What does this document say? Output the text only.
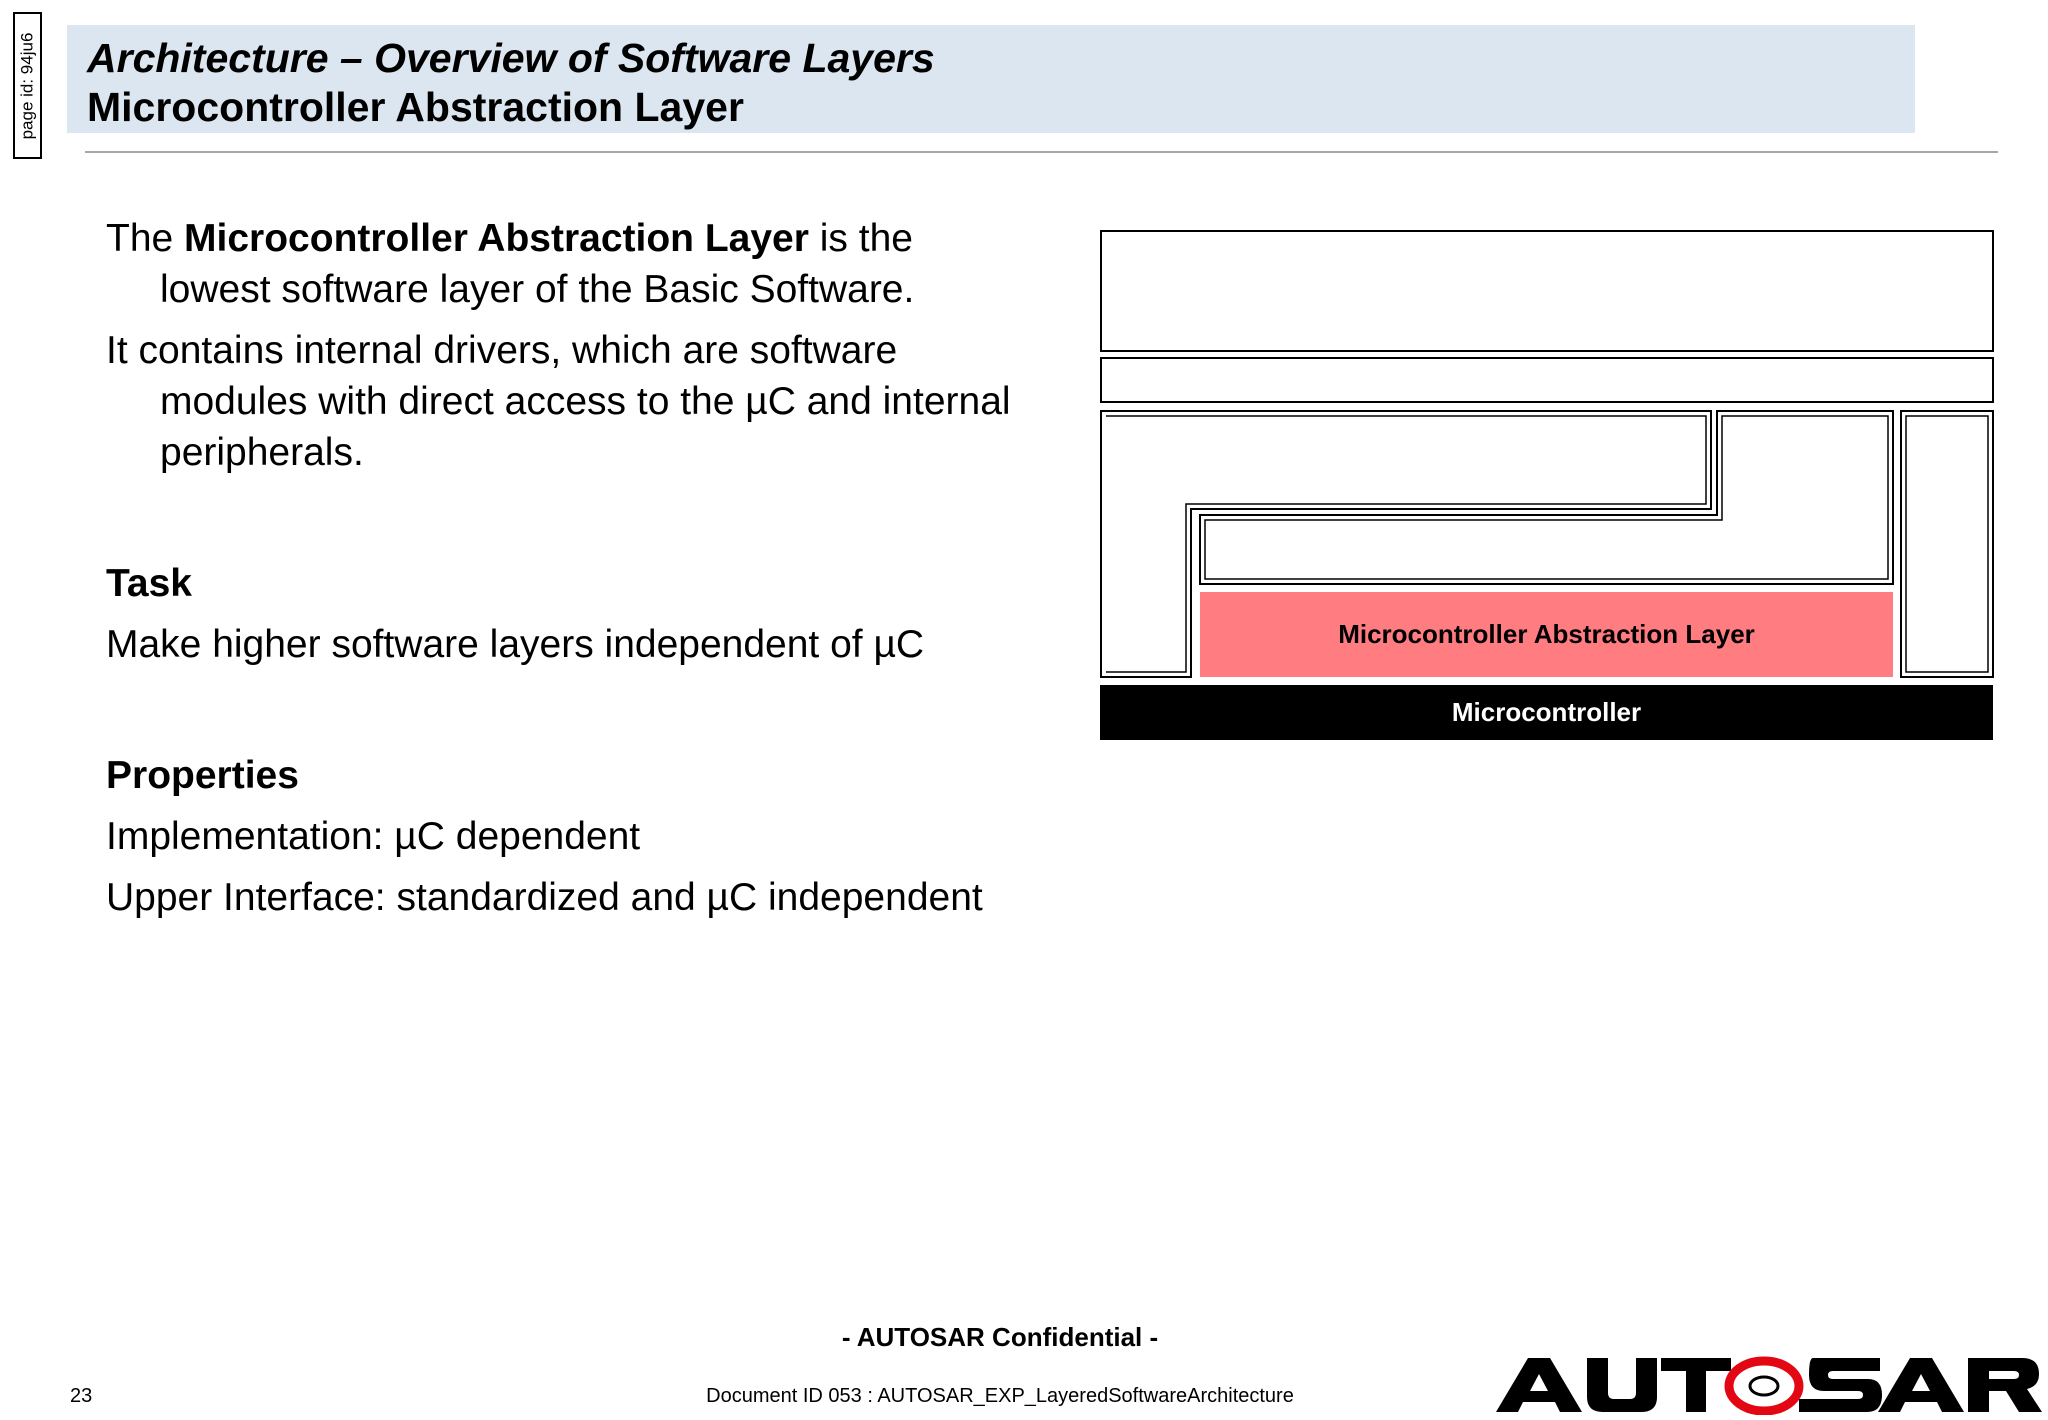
page id: 94ju6 Architecture – Overview of Software Layers
Microcontroller Abstraction Layer

The Microcontroller Abstraction Layer is the lowest software layer of the Basic Software.

It contains internal drivers, which are software modules with direct access to the µC and internal peripherals.

Task

Make higher software layers independent of µC

Properties

Implementation: µC dependent

Upper Interface: standardized and µC independent

Microcontroller Abstraction Layer
Microcontroller
- AUTOSAR Confidential -
23	Document ID 053 : AUTOSAR_EXP_LayeredSoftwareArchitecture
